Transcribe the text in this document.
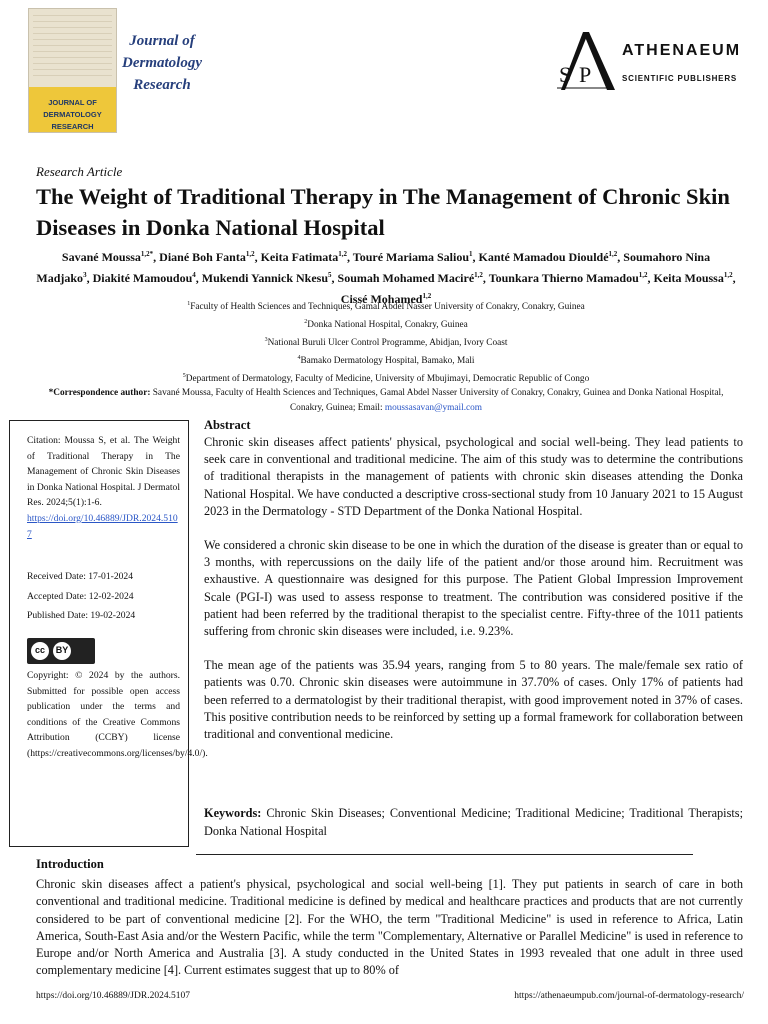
JOURNAL OF
DERMATOLOGY
RESEARCH
Journal of
Dermatology
Research	S P
ATHENAEUM
SCIENTIFIC PUBLISHERS
Research Article
The Weight of Traditional Therapy in The Management of Chronic Skin Diseases in Donka National Hospital
Savané Moussa$^{1,2*}$, Diané Boh Fanta$^{1,2}$, Keita Fatimata$^{1,2}$, Touré Mariama Saliou$^1$, Kanté Mamadou Diouldé$^{1,2}$, Soumahoro Nina Madjako$^3$, Diakité Mamoudou$^4$, Mukendi Yannick Nkesu$^5$, Soumah Mohamed Maciré$^{1,2}$, Tounkara Thierno Mamadou$^{1,2}$, Keita Moussa$^{1,2}$, Cissé Mohamed$^{1,2}$
$^1$Faculty of Health Sciences and Techniques, Gamal Abdel Nasser University of Conakry, Conakry, Guinea
$^2$Donka National Hospital, Conakry, Guinea
$^3$National Buruli Ulcer Control Programme, Abidjan, Ivory Coast
$^4$Bamako Dermatology Hospital, Bamako, Mali
$^5$Department of Dermatology, Faculty of Medicine, University of Mbujimayi, Democratic Republic of Congo
*Correspondence author: Savané Moussa, Faculty of Health Sciences and Techniques, Gamal Abdel Nasser University of Conakry, Conakry, Guinea and Donka National Hospital, Conakry, Guinea; Email: moussasavan@ymail.com

Citation: Moussa S, et al. The Weight of Traditional Therapy in The Management of Chronic Skin Diseases in Donka National Hospital. J Dermatol Res. 2024;5(1):1-6.

https://doi.org/10.46889/JDR.2024.5107

Received Date: 17-01-2024

Accepted Date: 12-02-2024

Published Date: 19-02-2024

cc	BY

Copyright: © 2024 by the authors. Submitted for possible open access publication under the terms and conditions of the Creative Commons Attribution (CCBY) license (https://creativecommons.org/licenses/by/4.0/).

Abstract

Chronic skin diseases affect patients' physical, psychological and social well-being. They lead patients to seek care in conventional and traditional medicine. The aim of this study was to determine the contributions of traditional therapists in the management of patients with chronic skin diseases attending the Donka National Hospital. We have conducted a descriptive cross-sectional study from 10 January 2021 to 15 August 2023 in the Dermatology - STD Department of the Donka National Hospital.

We considered a chronic skin disease to be one in which the duration of the disease is greater than or equal to 3 months, with repercussions on the daily life of the patient and/or those around him. Recruitment was exhaustive. A questionnaire was designed for this purpose. The Patient Global Impression Improvement Scale (PGI-I) was used to assess response to treatment. The contribution was considered positive if the patient had been referred by the traditional therapist to the specialist centre. Fifty-three of the 1011 patients suffering from chronic skin diseases were included, i.e. 9.23%.

The mean age of the patients was 35.94 years, ranging from 5 to 80 years. The male/female sex ratio of patients was 0.70. Chronic skin diseases were autoimmune in 37.70% of cases. Only 17% of patients had been referred to a dermatologist by their traditional therapist, with good improvement noted in 37% of cases. This positive contribution needs to be reinforced by setting up a formal framework for collaboration between traditional and conventional medicine.

Keywords: Chronic Skin Diseases; Conventional Medicine; Traditional Medicine; Traditional Therapists; Donka National Hospital
Introduction
Chronic skin diseases affect a patient's physical, psychological and social well-being [1]. They put patients in search of care in both conventional and traditional medicine. Traditional medicine is defined by medical and healthcare practices and products that are not currently considered to be part of conventional medicine [2]. For the WHO, the term "Traditional Medicine" is used in reference to Africa, Latin America, South-East Asia and/or the Western Pacific, while the term "Complementary, Alternative or Parallel Medicine" is used in reference to Europe and/or North America and Australia [3]. A study conducted in the United States in 1993 revealed that one adult in three used complementary medicine [4]. Current estimates suggest that up to 80% of
https://doi.org/10.46889/JDR.2024.5107	https://athenaeumpub.com/journal-of-dermatology-research/
